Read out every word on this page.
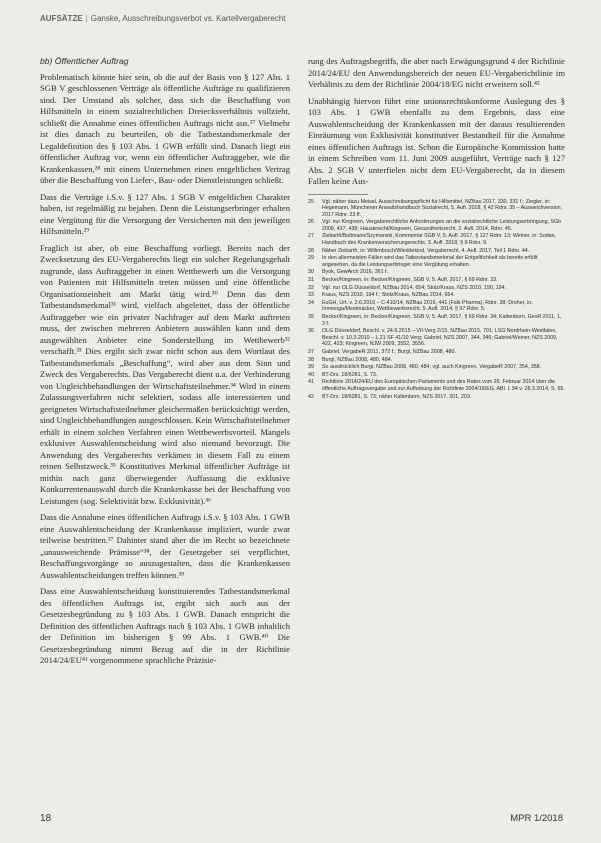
AUFSÄTZE | Ganske, Ausschreibungsverbot vs. Kartellvergaberecht
bb) Öffentlicher Auftrag

Problematisch könnte hier sein, ob die auf der Basis von § 127 Abs. 1 SGB V geschlossenen Verträge als öffentliche Aufträge zu qualifizieren sind. Der Umstand als solcher, dass sich die Beschaffung von Hilfsmitteln in einem sozialrechtlichen Dreiecksverhältnis vollzieht, schließt die Annahme eines öffentlichen Auftrags nicht aus.²⁷ Vielmehr ist dies danach zu beurteilen, ob die Tatbestandsmerkmale der Legaldefinition des § 103 Abs. 1 GWB erfüllt sind. Danach liegt ein öffentlicher Auftrag vor, wenn ein öffentlicher Auftraggeber, wie die Krankenkassen,²⁸ mit einem Unternehmen einen entgeltlichen Vertrag über die Beschaffung von Liefer-, Bau- oder Dienstleistungen schließt.

Dass die Verträge i.S.v. § 127 Abs. 1 SGB V entgeltlichen Charakter haben, ist regelmäßig zu bejahen. Denn die Leistungserbringer erhalten eine Vergütung für die Versorgung der Versicherten mit den jeweiligen Hilfsmitteln.²⁹

Fraglich ist aber, ob eine Beschaffung vorliegt. Bereits nach der Zwecksetzung des EU-Vergaberechts liegt ein solcher Regelungsgehalt zugrunde, dass Auftraggeber in einen Wettbewerb um die Versorgung von Patienten mit Hilfsmitteln treten müssen und eine öffentliche Organisationseinheit am Markt tätig wird.³⁰ Denn das dem Tatbestandsmerkmal³¹ wird, vielfach abgeleitet, dass der öffentliche Auftraggeber wie ein privater Nachfrager auf dem Markt auftreten muss, der zwischen mehreren Anbietern auswählen kann und dem ausgewählten Anbieter eine Sonderstellung im Wettbewerb³² verschafft.³³ Dies ergibt sich zwar nicht schon aus dem Wortlaut des Tatbestandsmerkmals „Beschaffung“, wird aber aus dem Sinn und Zweck des Vergaberechts. Das Vergaberecht dient u.a. der Verhinderung von Ungleichbehandlungen der Wirtschaftsteilnehmer.³⁴ Wird in einem Zulassungsverfahren nicht selektiert, sodass alle interessierten und geeigneten Wirtschaftsteilnehmer gleichermaßen berücksichtigt werden, sind Ungleichbehandlungen ausgeschlossen. Kein Wirtschaftsteilnehmer erhält in einem solchen Verfahren einen Wettbewerbsvorteil. Mangels exklusiver Auswahlentscheidung wird also niemand bevorzugt. Die Anwendung des Vergaberechts verkämen in diesem Fall zu einem reinen Selbstzweck.³⁵ Konstitutives Merkmal öffentlicher Aufträge ist mithin nach ganz überwiegender Auffassung die exklusive Konkurrentenauswahl durch die Krankenkasse bei der Beschaffung von Leistungen (sog. Selektivität bzw. Exklusivität).³⁶

Dass die Annahme eines öffentlichen Auftrags i.S.v. § 103 Abs. 1 GWB eine Auswahlentscheidung der Krankenkasse impliziert, wurde zwar teilweise bestritten.³⁷ Dahinter stand aber die im Recht so bezeichnete „unausweichende Prämisse“³⁸, der Gesetzgeber sei verpflichtet, Beschaffungsvorgänge so auszugestalten, dass die Krankenkassen Auswahlentscheidungen treffen können.³⁹

Dass eine Auswahlentscheidung konstituierendes Tatbestandsmerkmal des öffentlichen Auftrags ist, ergibt sich auch aus der Gesetzesbegründung zu § 103 Abs. 1 GWB. Danach entspricht die Definition des öffentlichen Auftrags nach § 103 Abs. 1 GWB inhaltlich der Definition im bisherigen § 99 Abs. 1 GWB.⁴⁰ Die Gesetzesbegründung nimmt Bezug auf die in der Richtlinie 2014/24/EU⁴¹ vorgenommene sprachliche Präzisie-

rung des Auftragsbegriffs, die aber nach Erwägungsgrund 4 der Richtlinie 2014/24/EU den Anwendungsbereich der neuen EU-Vergaberichtlinie im Verhältnis zu dem der Richtlinie 2004/18/EG nicht erweitern soll.⁴²

Unabhängig hiervon führt eine unionsrechtskonforme Auslegung des § 103 Abs. 1 GWB ebenfalls zu dem Ergebnis, dass eine Auswahlentscheidung der Krankenkassen mit der daraus resultierenden Einräumung von Exklusivität konstitutiver Bestandteil für die Annahme eines öffentlichen Auftrags ist. Schon die Europäische Kommission hatte in einem Schreiben vom 11. Juni 2009 ausgeführt, Verträge nach § 127 Abs. 2 SGB V unterfielen nicht dem EU-Vergaberecht, da in diesem Fallen keine Aus-

25	Vgl. näher dazu Meisel, Ausschreibungspflicht für Hilfsmittel, NZBau 2017, 330, 331 f.; Ziegler, in: Hegemann, Münchener Anwaltshandbuch Sozialrecht, 5. Aufl. 2018, § 42 Rdnr. 35 – Ausweichversion, 2017 Rdnr. 23 ff.
26	Vgl. nur Kingreen, Vergaberechtliche Anforderungen an die sozialrechtliche Leistungserbringung, SGb 2008, 437, 438; Hausknecht/Kingreen, Gesundheitsrecht, 2. Aufl. 2014, Rdnr. 45.
27	Ziebarth/Bultmann/Szymanski, Kommentar SGB V, 5. Aufl. 2017, § 127 Rdnr. 13; Weiner, in: Sodan, Handbuch des Krankenversicherungsrechts, 3. Aufl. 2018, § 9 Rdnr. 9.
28	Näher Ziebarth, in: Willenbruch/Wieddekind, Vergaberecht, 4. Aufl. 2017, Teil 1 Rdnr. 44.
29	In den allermeisten Fällen wird das Tatbestandsmerkmal der Entgeltlichkeit als bereits erfüllt angesehen, da die Leistungserbringer eine Vergütung erhalten.
30	Byok, GewArch 2016, 361 f.
31	Becker/Kingreen, in: Becker/Kingreen, SGB V, 5. Aufl. 2017, § 69 Rdnr. 33.
32	Vgl. nur OLG Düsseldorf, NZBau 2014, 654; Stolz/Kraus, NZS 2010, 190, 194.
33	Kraus, NZS 2010, 194 f.; Stolz/Kraus, NZBau 2014, 654.
34	EuGH, Urt. v. 2.6.2016 – C-410/14, NZBau 2016, 441 (Falk Pharma), Rdnr. 38; Dreher, in: Immenga/Mestmäcker, Wettbewerbsrecht, 5. Aufl. 2014, § 97 Rdnr. 5.
35	Becker/Kingreen, in: Becker/Kingreen, SGB V, 5. Aufl. 2017, § 69 Rdnr. 34; Kaltenborn, GesR 2011, 1, 3 f.
36	OLG Düsseldorf, Beschl. v. 24.6.2015 – VII-Verg 2/15, NZBau 2015, 701; LSG Nordrhein-Westfalen, Beschl. v. 10.3.2010 – L 21 SF 41/10 Verg; Gabriel, NZS 2007, 344, 346; Gabriel/Weiner, NZS 2009, 422, 423; Kingreen, NJW 2009, 3552, 3556.
37	Gabriel, VergabeR 2011, 372 f.; Burgi, NZBau 2008, 480.
38	Burgi, NZBau 2008, 480, 484.
39	So ausdrücklich Burgi, NZBau 2008, 480, 484; vgl. auch Kingreen, VergabeR 2007, 354, 358.
40	BT-Drs. 18/6281, S. 73.
41	Richtlinie 2014/24/EU des Europäischen Parlaments und des Rates vom 26. Februar 2014 über die öffentliche Auftragsvergabe und zur Aufhebung der Richtlinie 2004/18/EG, ABl. L 94 v. 28.3.2014, S. 65.
42	BT-Drs. 18/6281, S. 73; näher Kaltenborn, NZS 2017, 201, 203.
18	MPR 1/2018
